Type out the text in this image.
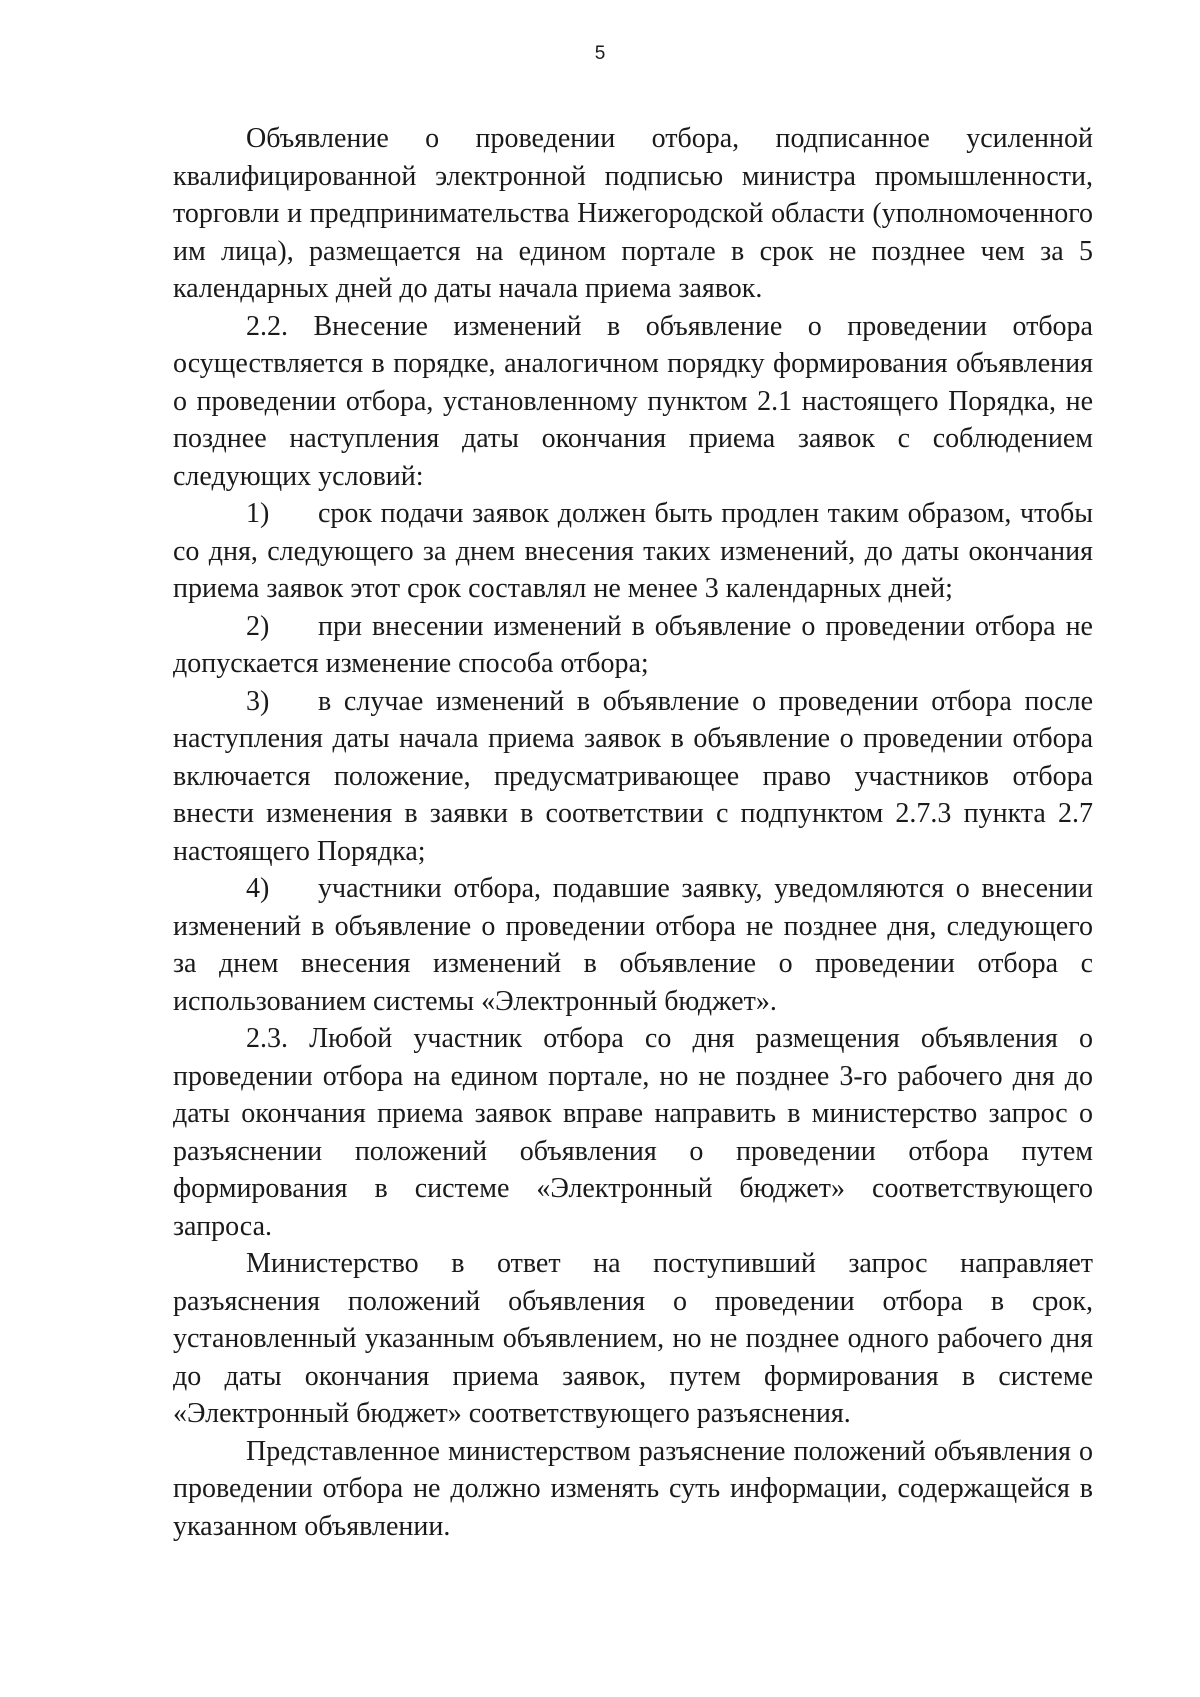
5

Объявление о проведении отбора, подписанное усиленной квалифицированной электронной подписью министра промышленности, торговли и предпринимательства Нижегородской области (уполномоченного им лица), размещается на едином портале в срок не позднее чем за 5 календарных дней до даты начала приема заявок.

2.2. Внесение изменений в объявление о проведении отбора осуществляется в порядке, аналогичном порядку формирования объявления о проведении отбора, установленному пунктом 2.1 настоящего Порядка, не позднее наступления даты окончания приема заявок с соблюдением следующих условий:

1) срок подачи заявок должен быть продлен таким образом, чтобы со дня, следующего за днем внесения таких изменений, до даты окончания приема заявок этот срок составлял не менее 3 календарных дней;

2) при внесении изменений в объявление о проведении отбора не допускается изменение способа отбора;

3) в случае изменений в объявление о проведении отбора после наступления даты начала приема заявок в объявление о проведении отбора включается положение, предусматривающее право участников отбора внести изменения в заявки в соответствии с подпунктом 2.7.3 пункта 2.7 настоящего Порядка;

4) участники отбора, подавшие заявку, уведомляются о внесении изменений в объявление о проведении отбора не позднее дня, следующего за днем внесения изменений в объявление о проведении отбора с использованием системы «Электронный бюджет».

2.3. Любой участник отбора со дня размещения объявления о проведении отбора на едином портале, но не позднее 3-го рабочего дня до даты окончания приема заявок вправе направить в министерство запрос о разъяснении положений объявления о проведении отбора путем формирования в системе «Электронный бюджет» соответствующего запроса.

Министерство в ответ на поступивший запрос направляет разъяснения положений объявления о проведении отбора в срок, установленный указанным объявлением, но не позднее одного рабочего дня до даты окончания приема заявок, путем формирования в системе «Электронный бюджет» соответствующего разъяснения.

Представленное министерством разъяснение положений объявления о проведении отбора не должно изменять суть информации, содержащейся в указанном объявлении.
